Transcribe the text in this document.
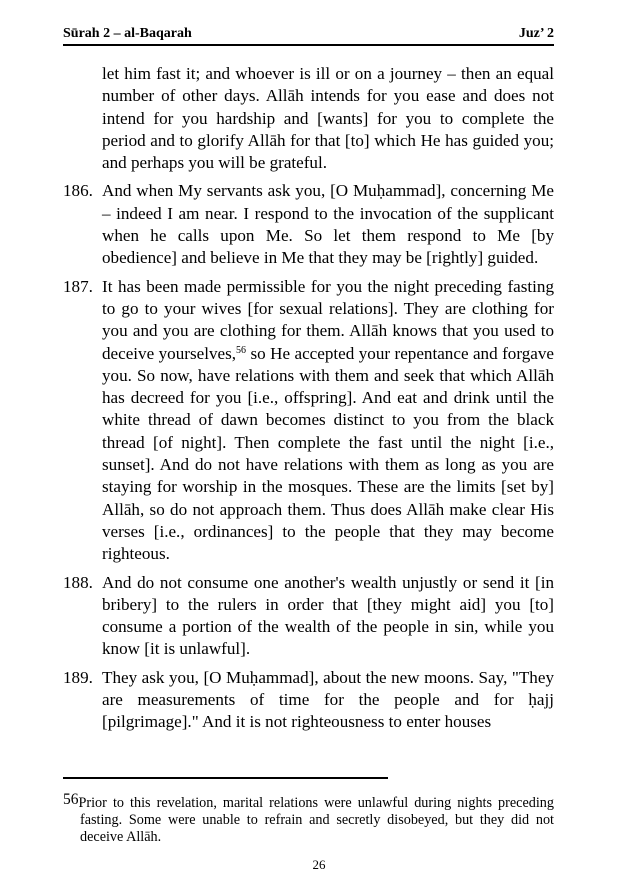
Sūrah 2 – al-Baqarah	Juz’ 2

let him fast it; and whoever is ill or on a journey – then an equal number of other days. Allāh intends for you ease and does not intend for you hardship and [wants] for you to complete the period and to glorify Allāh for that [to] which He has guided you; and perhaps you will be grateful.

186. And when My servants ask you, [O Muḥammad], concerning Me – indeed I am near. I respond to the invocation of the supplicant when he calls upon Me. So let them respond to Me [by obedience] and believe in Me that they may be [rightly] guided.
187. It has been made permissible for you the night preceding fasting to go to your wives [for sexual relations]. They are clothing for you and you are clothing for them. Allāh knows that you used to deceive yourselves,$^{56}$ so He accepted your repentance and forgave you. So now, have relations with them and seek that which Allāh has decreed for you [i.e., offspring]. And eat and drink until the white thread of dawn becomes distinct to you from the black thread [of night]. Then complete the fast until the night [i.e., sunset]. And do not have relations with them as long as you are staying for worship in the mosques. These are the limits [set by] Allāh, so do not approach them. Thus does Allāh make clear His verses [i.e., ordinances] to the people that they may become righteous.
188. And do not consume one another's wealth unjustly or send it [in bribery] to the rulers in order that [they might aid] you [to] consume a portion of the wealth of the people in sin, while you know [it is unlawful].
189. They ask you, [O Muḥammad], about the new moons. Say, "They are measurements of time for the people and for ḥajj [pilgrimage]." And it is not righteousness to enter houses
56Prior to this revelation, marital relations were unlawful during nights preceding fasting. Some were unable to refrain and secretly disobeyed, but they did not deceive Allāh.
26
